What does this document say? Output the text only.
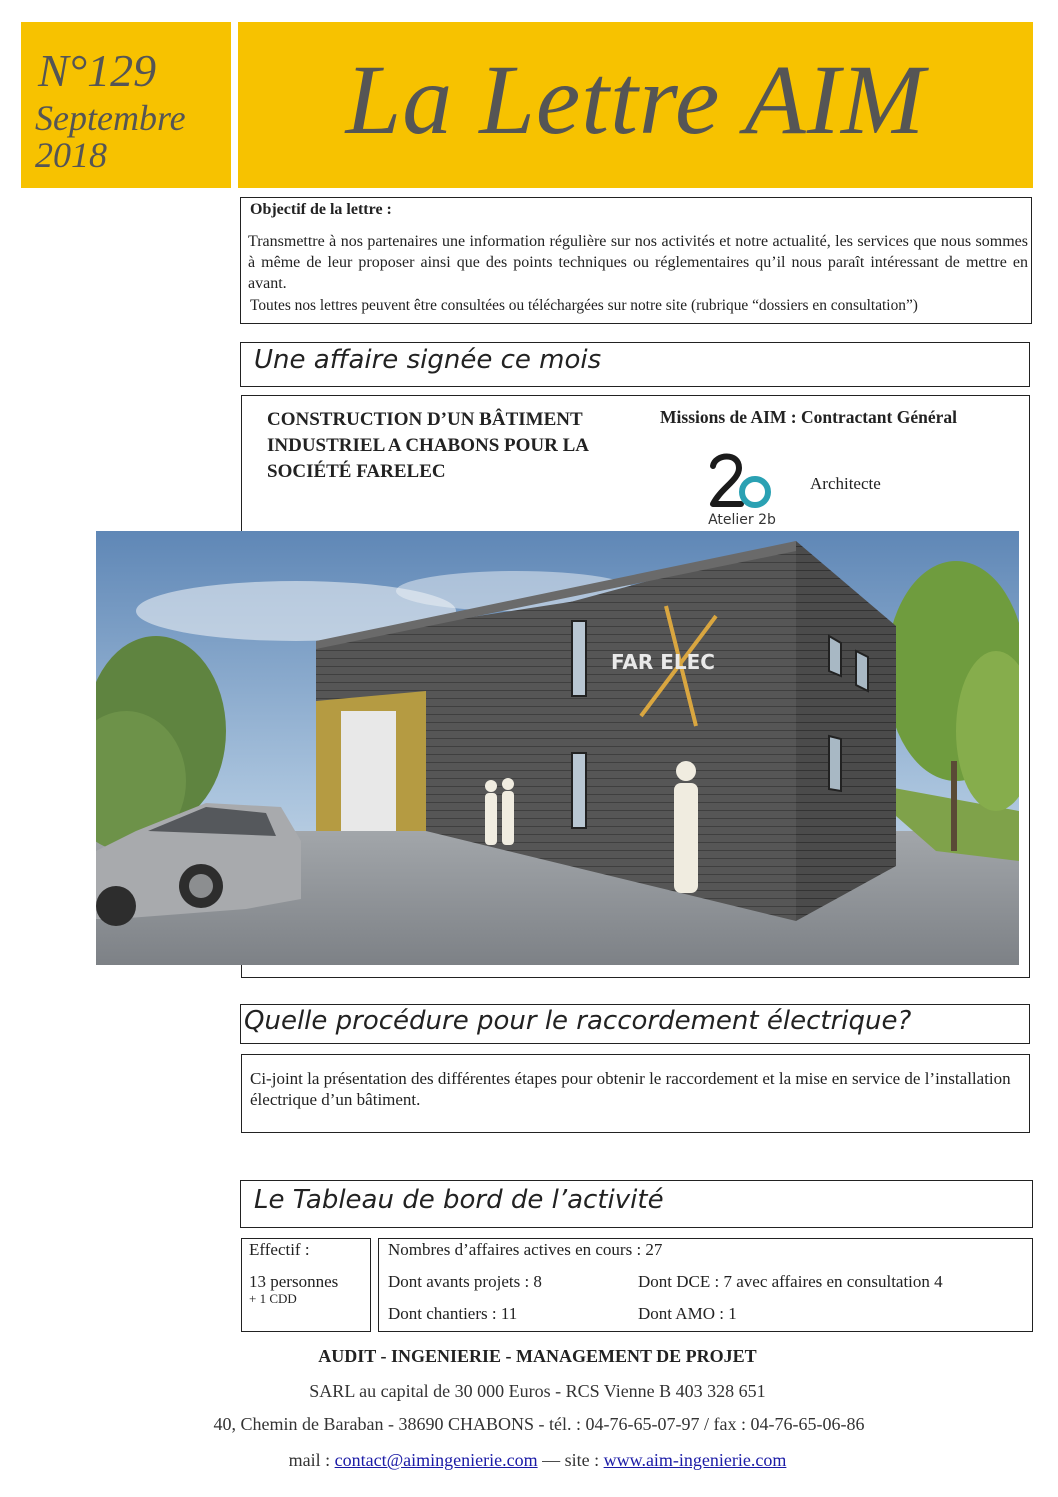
N°129
Septembre
2018	La Lettre AIM
Objectif de la lettre :
Transmettre à nos partenaires une information régulière sur nos activités et notre actualité, les services que nous sommes à même de leur proposer ainsi que des points techniques ou réglementaires qu’il nous paraît intéressant de mettre en avant.
Toutes nos lettres peuvent être consultées ou téléchargées sur notre site (rubrique “dossiers en consultation”)
Une affaire signée ce mois
CONSTRUCTION D’UN BÂTIMENT INDUSTRIEL A CHABONS POUR LA SOCIÉTÉ FARELEC
Missions de AIM : Contractant Général
Atelier 2b
Architecte
FAR ELEC
Quelle procédure pour le raccordement électrique?
Ci-joint la présentation des différentes étapes pour obtenir le raccordement et la mise en service de l’installation électrique d’un bâtiment.
Le Tableau de bord de l’activité
Effectif :
13 personnes
+ 1 CDD
Nombres d’affaires actives en cours : 27
Dont avants projets : 8	Dont DCE : 7 avec affaires en consultation 4
Dont chantiers : 11	Dont AMO : 1
AUDIT - INGENIERIE - MANAGEMENT DE PROJET
SARL au capital de 30 000 Euros - RCS Vienne B 403 328 651
40, Chemin de Baraban - 38690 CHABONS - tél. : 04-76-65-07-97 / fax : 04-76-65-06-86
mail : contact@aimingenierie.com — site : www.aim-ingenierie.com
